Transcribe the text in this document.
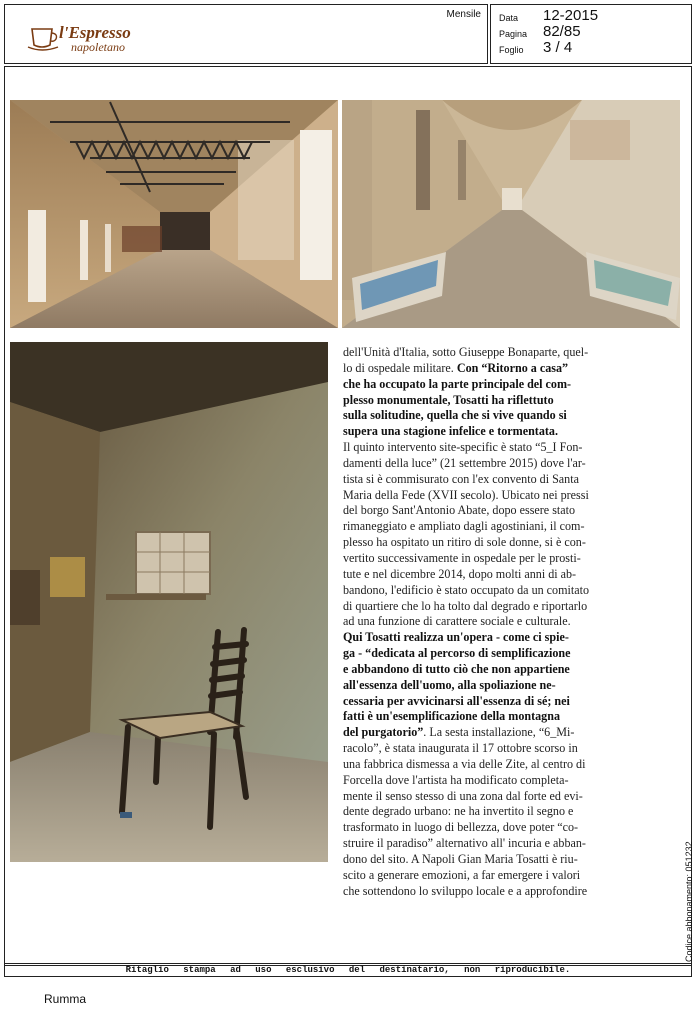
l'Espresso
napoletano
Mensile Data 12-2015
Pagina 82/85
Foglio 3 / 4
dell'Unità d'Italia, sotto Giuseppe Bonaparte, quel-
lo di ospedale militare. Con “Ritorno a casa”
che ha occupato la parte principale del com-
plesso monumentale, Tosatti ha riflettuto
sulla solitudine, quella che si vive quando si
supera una stagione infelice e tormentata.
Il quinto intervento site-specific è stato “5_I Fon-
damenti della luce” (21 settembre 2015) dove l'ar-
tista si è commisurato con l'ex convento di Santa
Maria della Fede (XVII secolo). Ubicato nei pressi
del borgo Sant'Antonio Abate, dopo essere stato
rimaneggiato e ampliato dagli agostiniani, il com-
plesso ha ospitato un ritiro di sole donne, si è con-
vertito successivamente in ospedale per le prosti-
tute e nel dicembre 2014, dopo molti anni di ab-
bandono, l'edificio è stato occupato da un comitato
di quartiere che lo ha tolto dal degrado e riportarlo
ad una funzione di carattere sociale e culturale.
Qui Tosatti realizza un'opera - come ci spie-
ga - “dedicata al percorso di semplificazione
e abbandono di tutto ciò che non appartiene
all'essenza dell'uomo, alla spoliazione ne-
cessaria per avvicinarsi all'essenza di sé; nei
fatti è un'esemplificazione della montagna
del purgatorio”. La sesta installazione, “6_Mi-
racolo”, è stata inaugurata il 17 ottobre scorso in
una fabbrica dismessa a via delle Zite, al centro di
Forcella dove l'artista ha modificato completa-
mente il senso stesso di una zona dal forte ed evi-
dente degrado urbano: ne ha invertito il segno e
trasformato in luogo di bellezza, dove poter “co-
struire il paradiso” alternativo all' incuria e abban-
dono del sito. A Napoli Gian Maria Tosatti è riu-
scito a generare emozioni, a far emergere i valori
che sottendono lo sviluppo locale e a approfondire	Codice abbonamento: 051232
Ritaglio stampa ad uso esclusivo del destinatario, non riproducibile.
Rumma
